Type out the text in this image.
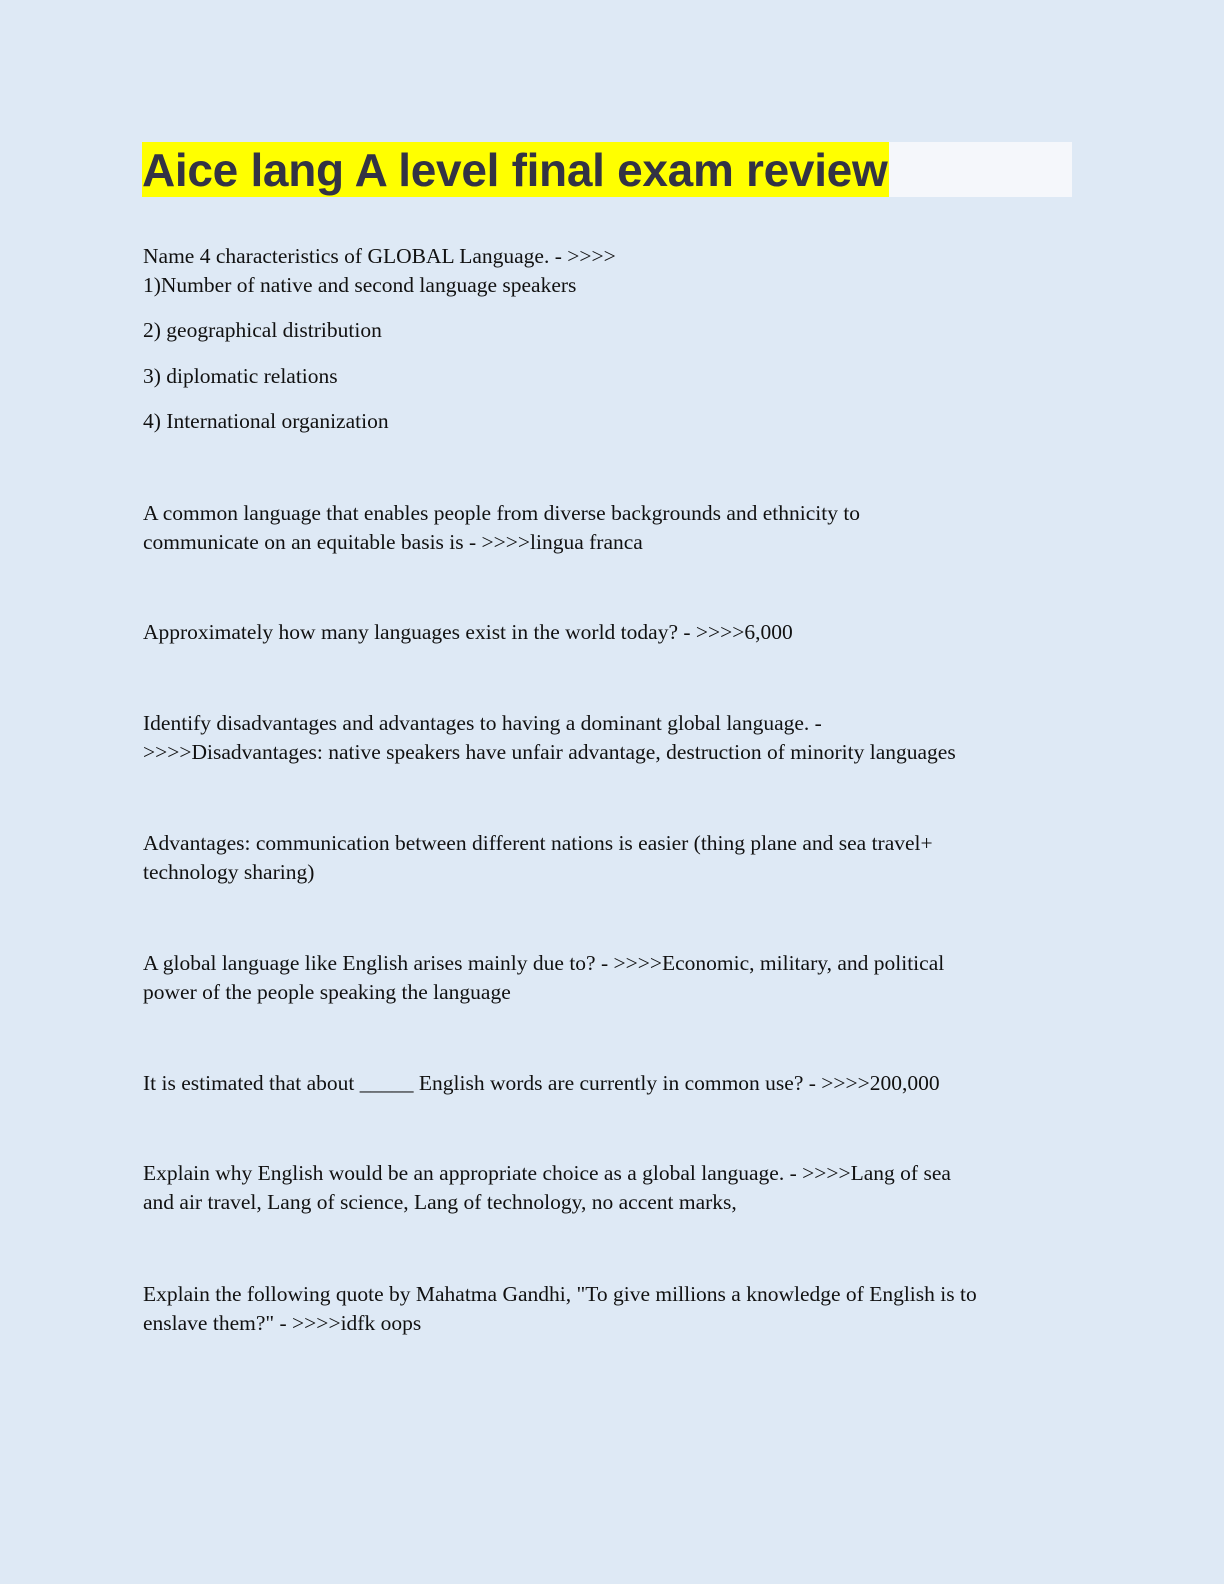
Aice lang A level final exam review
Name 4 characteristics of GLOBAL Language. - >>>>
1)Number of native and second language speakers
2) geographical distribution
3) diplomatic relations
4) International organization
A common language that enables people from diverse backgrounds and ethnicity to
communicate on an equitable basis is - >>>>lingua franca
Approximately how many languages exist in the world today? - >>>>6,000
Identify disadvantages and advantages to having a dominant global language. -
>>>>Disadvantages: native speakers have unfair advantage, destruction of minority languages
Advantages: communication between different nations is easier (thing plane and sea travel+
technology sharing)
A global language like English arises mainly due to? - >>>>Economic, military, and political
power of the people speaking the language
It is estimated that about _____ English words are currently in common use? - >>>>200,000
Explain why English would be an appropriate choice as a global language. - >>>>Lang of sea
and air travel, Lang of science, Lang of technology, no accent marks,
Explain the following quote by Mahatma Gandhi, "To give millions a knowledge of English is to
enslave them?" - >>>>idfk oops
